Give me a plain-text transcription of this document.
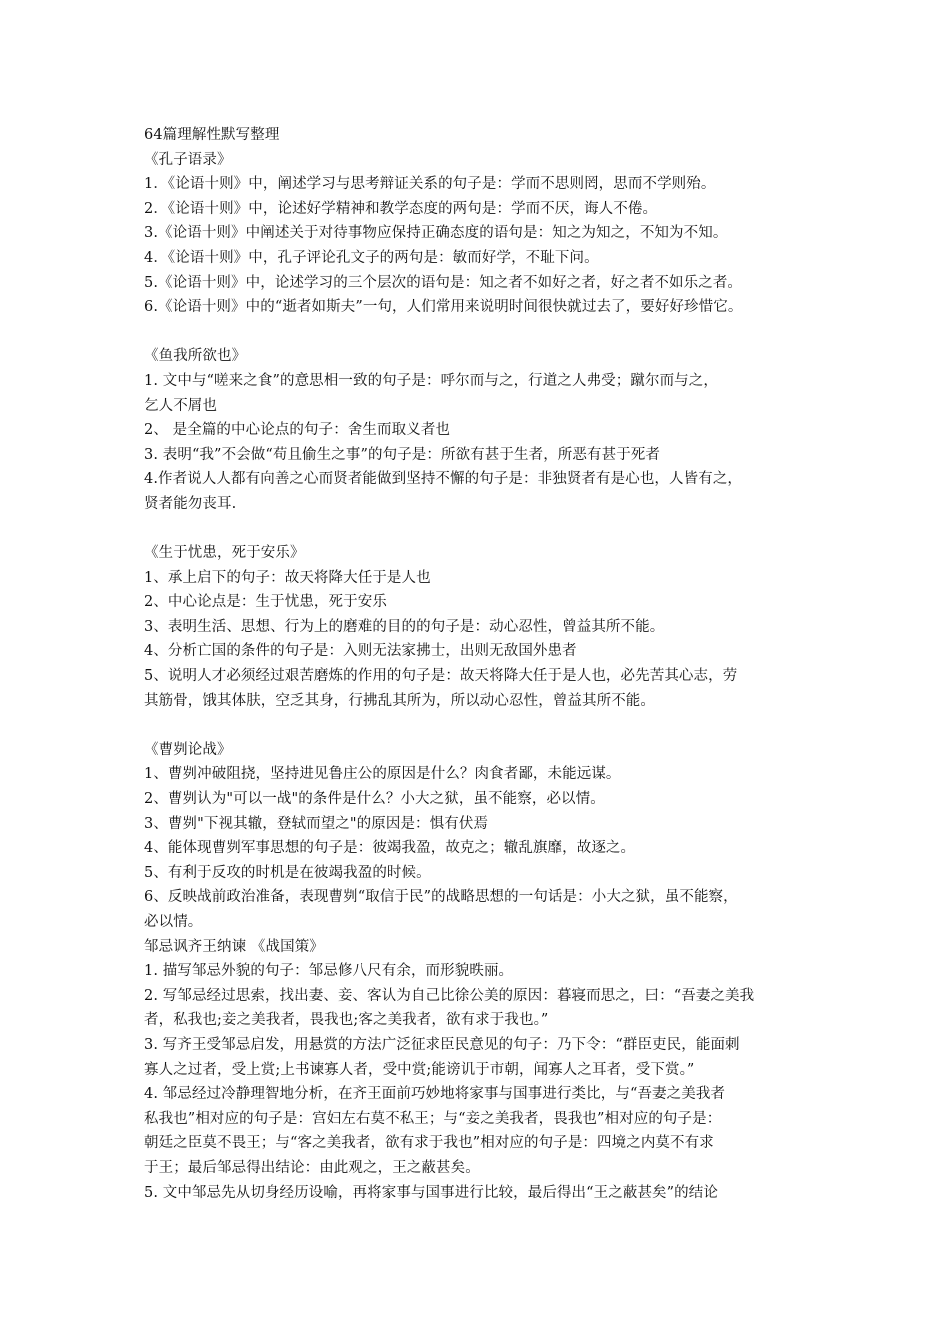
64篇理解性默写整理
《孔子语录》
1．《论语十则》中，阐述学习与思考辩证关系的句子是：学而不思则罔，思而不学则殆。
2．《论语十则》中，论述好学精神和教学态度的两句是：学而不厌，诲人不倦。
3.《论语十则》中阐述关于对待事物应保持正确态度的语句是：知之为知之，不知为不知。
4．《论语十则》中，孔子评论孔文子的两句是：敏而好学，不耻下问。
5.《论语十则》中，论述学习的三个层次的语句是：知之者不如好之者，好之者不如乐之者。
6.《论语十则》中的“逝者如斯夫”一句，人们常用来说明时间很快就过去了，要好好珍惜它。
《鱼我所欲也》
1. 文中与“嗟来之食”的意思相一致的句子是：呼尔而与之，行道之人弗受；蹴尔而与之，
乞人不屑也
2、 是全篇的中心论点的句子：舍生而取义者也
3. 表明“我”不会做“苟且偷生之事”的句子是：所欲有甚于生者，所恶有甚于死者
4.作者说人人都有向善之心而贤者能做到坚持不懈的句子是：非独贤者有是心也，人皆有之，
贤者能勿丧耳.
《生于忧患，死于安乐》
1、承上启下的句子：故天将降大任于是人也
2、中心论点是：生于忧患，死于安乐
3、表明生活、思想、行为上的磨难的目的的句子是：动心忍性，曾益其所不能。
4、分析亡国的条件的句子是：入则无法家拂士，出则无敌国外患者
5、说明人才必须经过艰苦磨炼的作用的句子是：故天将降大任于是人也，必先苦其心志，劳
其筋骨，饿其体肤，空乏其身，行拂乱其所为，所以动心忍性，曾益其所不能。
《曹刿论战》
1、曹刿冲破阻挠，坚持进见鲁庄公的原因是什么？肉食者鄙，未能远谋。
2、曹刿认为"可以一战"的条件是什么？小大之狱，虽不能察，必以情。
3、曹刿"下视其辙，登轼而望之"的原因是：惧有伏焉
4、能体现曹刿军事思想的句子是：彼竭我盈，故克之；辙乱旗靡，故逐之。
5、有利于反攻的时机是在彼竭我盈的时候。
6、反映战前政治准备，表现曹刿“取信于民”的战略思想的一句话是：小大之狱，虽不能察，
必以情。
邹忌讽齐王纳谏 《战国策》
1. 描写邹忌外貌的句子：邹忌修八尺有余，而形貌昳丽。
2. 写邹忌经过思索，找出妻、妾、客认为自己比徐公美的原因：暮寝而思之，曰：“吾妻之美我
者，私我也;妾之美我者，畏我也;客之美我者，欲有求于我也。”
3. 写齐王受邹忌启发，用悬赏的方法广泛征求臣民意见的句子：乃下令：“群臣吏民，能面刺
寡人之过者，受上赏;上书谏寡人者，受中赏;能谤讥于市朝，闻寡人之耳者，受下赏。”
4. 邹忌经过冷静理智地分析，在齐王面前巧妙地将家事与国事进行类比，与“吾妻之美我者
私我也”相对应的句子是：宫妇左右莫不私王；与“妾之美我者，畏我也”相对应的句子是：
朝廷之臣莫不畏王；与“客之美我者，欲有求于我也”相对应的句子是：四境之内莫不有求
于王；最后邹忌得出结论：由此观之，王之蔽甚矣。
5. 文中邹忌先从切身经历设喻，再将家事与国事进行比较，最后得出“王之蔽甚矣”的结论
